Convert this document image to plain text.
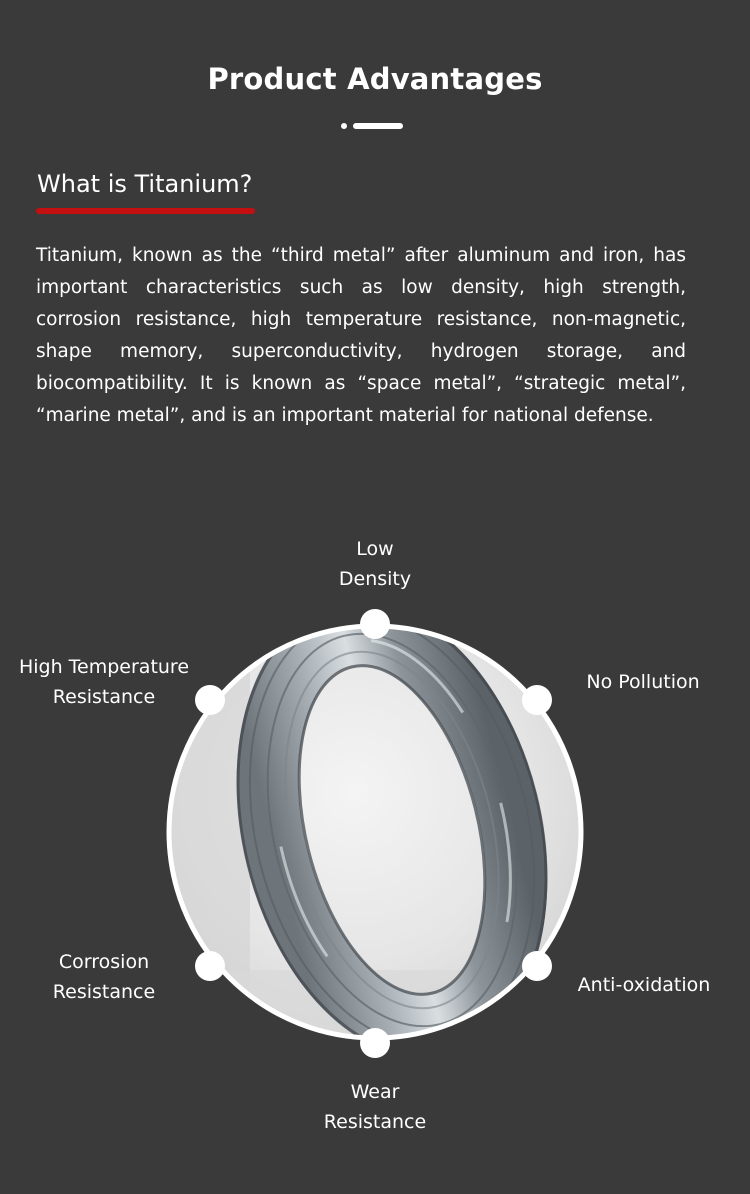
Product Advantages
What is Titanium?
Titanium, known as the “third metal” after aluminum and iron, has important characteristics such as low density, high strength, corrosion resistance, high temperature resistance, non-magnetic, shape memory, superconductivity, hydrogen storage, and biocompatibility. It is known as “space metal”, “strategic metal”, “marine metal”, and is an important material for national defense.
Low
Density
No Pollution
Anti-oxidation
Wear
Resistance
Corrosion
Resistance
High Temperature
Resistance
